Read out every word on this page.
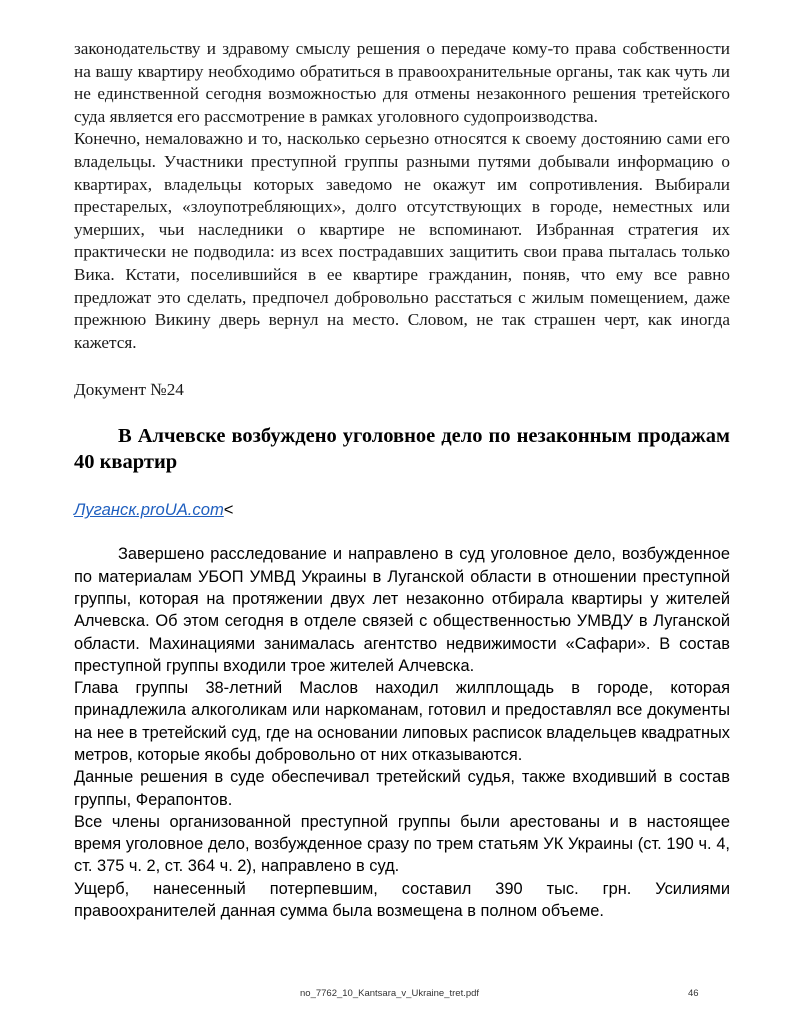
законодательству и здравому смыслу решения о передаче кому-то права собственности на вашу квартиру необходимо обратиться в правоохранительные органы, так как чуть ли не единственной сегодня возможностью для отмены незаконного решения третейского суда является его рассмотрение в рамках уголовного судопроизводства.

Конечно, немаловажно и то, насколько серьезно относятся к своему достоянию сами его владельцы. Участники преступной группы разными путями добывали информацию о квартирах, владельцы которых заведомо не окажут им сопротивления. Выбирали престарелых, «злоупотребляющих», долго отсутствующих в городе, неместных или умерших, чьи наследники о квартире не вспоминают. Избранная стратегия их практически не подводила: из всех пострадавших защитить свои права пыталась только Вика. Кстати, поселившийся в ее квартире гражданин, поняв, что ему все равно предложат это сделать, предпочел добровольно расстаться с жилым помещением, даже прежнюю Викину дверь вернул на место. Словом, не так страшен черт, как иногда кажется.

Документ №24
В Алчевске возбуждено уголовное дело по незаконным продажам 40 квартир
Луганск.proUA.com<

Завершено расследование и направлено в суд уголовное дело, возбужденное по материалам УБОП УМВД Украины в Луганской области в отношении преступной группы, которая на протяжении двух лет незаконно отбирала квартиры у жителей Алчевска. Об этом сегодня в отделе связей с общественностью УМВДУ в Луганской области. Махинациями занималась агентство недвижимости «Сафари». В состав преступной группы входили трое жителей Алчевска.

Глава группы 38-летний Маслов находил жилплощадь в городе, которая принадлежила алкоголикам или наркоманам, готовил и предоставлял все документы на нее в третейский суд, где на основании липовых расписок владельцев квадратных метров, которые якобы добровольно от них отказываются.

Данные решения в суде обеспечивал третейский судья, также входивший в состав группы, Ферапонтов.

Все члены организованной преступной группы были арестованы и в настоящее время уголовное дело, возбужденное сразу по трем статьям УК Украины (ст. 190 ч. 4, ст. 375 ч. 2, ст. 364 ч. 2), направлено в суд.

Ущерб, нанесенный потерпевшим, составил 390 тыс. грн. Усилиями правоохранителей данная сумма была возмещена в полном объеме.

no_7762_10_Kantsara_v_Ukraine_tret.pdf	46
